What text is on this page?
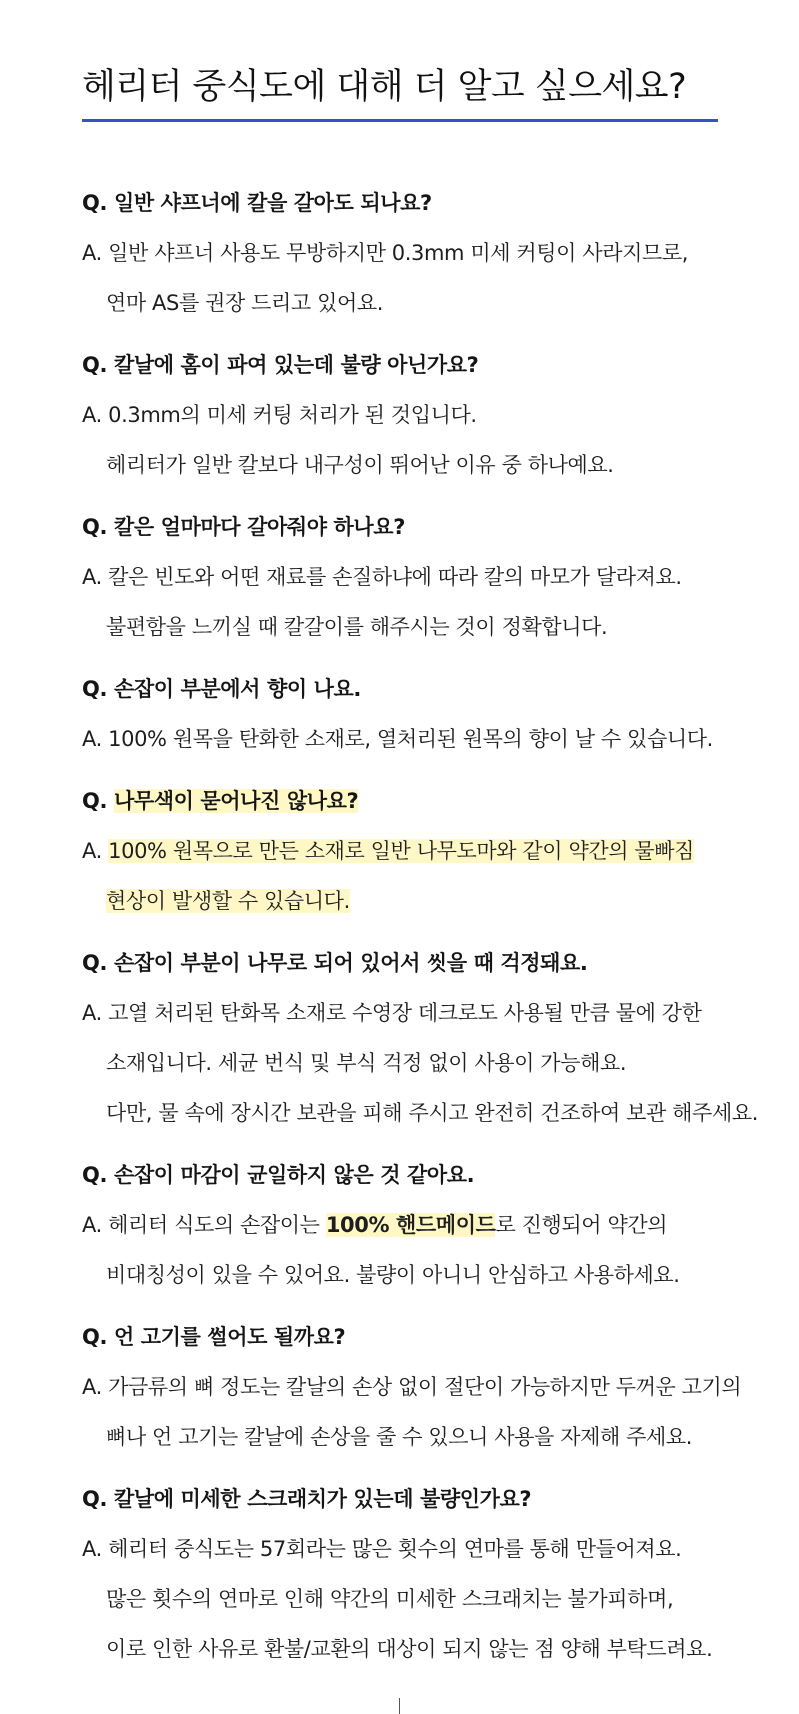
헤리터 중식도에 대해 더 알고 싶으세요?
Q. 일반 샤프너에 칼을 갈아도 되나요?
A. 일반 샤프너 사용도 무방하지만 0.3mm 미세 커팅이 사라지므로,
연마 AS를 권장 드리고 있어요.
Q. 칼날에 홈이 파여 있는데 불량 아닌가요?
A. 0.3mm의 미세 커팅 처리가 된 것입니다.
헤리터가 일반 칼보다 내구성이 뛰어난 이유 중 하나예요.
Q. 칼은 얼마마다 갈아줘야 하나요?
A. 칼은 빈도와 어떤 재료를 손질하냐에 따라 칼의 마모가 달라져요.
불편함을 느끼실 때 칼갈이를 해주시는 것이 정확합니다.
Q. 손잡이 부분에서 향이 나요.
A. 100% 원목을 탄화한 소재로, 열처리된 원목의 향이 날 수 있습니다.
Q. 나무색이 묻어나진 않나요?
A. 100% 원목으로 만든 소재로 일반 나무도마와 같이 약간의 물빠짐
현상이 발생할 수 있습니다.
Q. 손잡이 부분이 나무로 되어 있어서 씻을 때 걱정돼요.
A. 고열 처리된 탄화목 소재로 수영장 데크로도 사용될 만큼 물에 강한
소재입니다. 세균 번식 및 부식 걱정 없이 사용이 가능해요.
다만, 물 속에 장시간 보관을 피해 주시고 완전히 건조하여 보관 해주세요.
Q. 손잡이 마감이 균일하지 않은 것 같아요.
A. 헤리터 식도의 손잡이는 100% 핸드메이드로 진행되어 약간의
비대칭성이 있을 수 있어요. 불량이 아니니 안심하고 사용하세요.
Q. 언 고기를 썰어도 될까요?
A. 가금류의 뼈 정도는 칼날의 손상 없이 절단이 가능하지만 두꺼운 고기의
뼈나 언 고기는 칼날에 손상을 줄 수 있으니 사용을 자제해 주세요.
Q. 칼날에 미세한 스크래치가 있는데 불량인가요?
A. 헤리터 중식도는 57회라는 많은 횟수의 연마를 통해 만들어져요.
많은 횟수의 연마로 인해 약간의 미세한 스크래치는 불가피하며,
이로 인한 사유로 환불/교환의 대상이 되지 않는 점 양해 부탁드려요.
